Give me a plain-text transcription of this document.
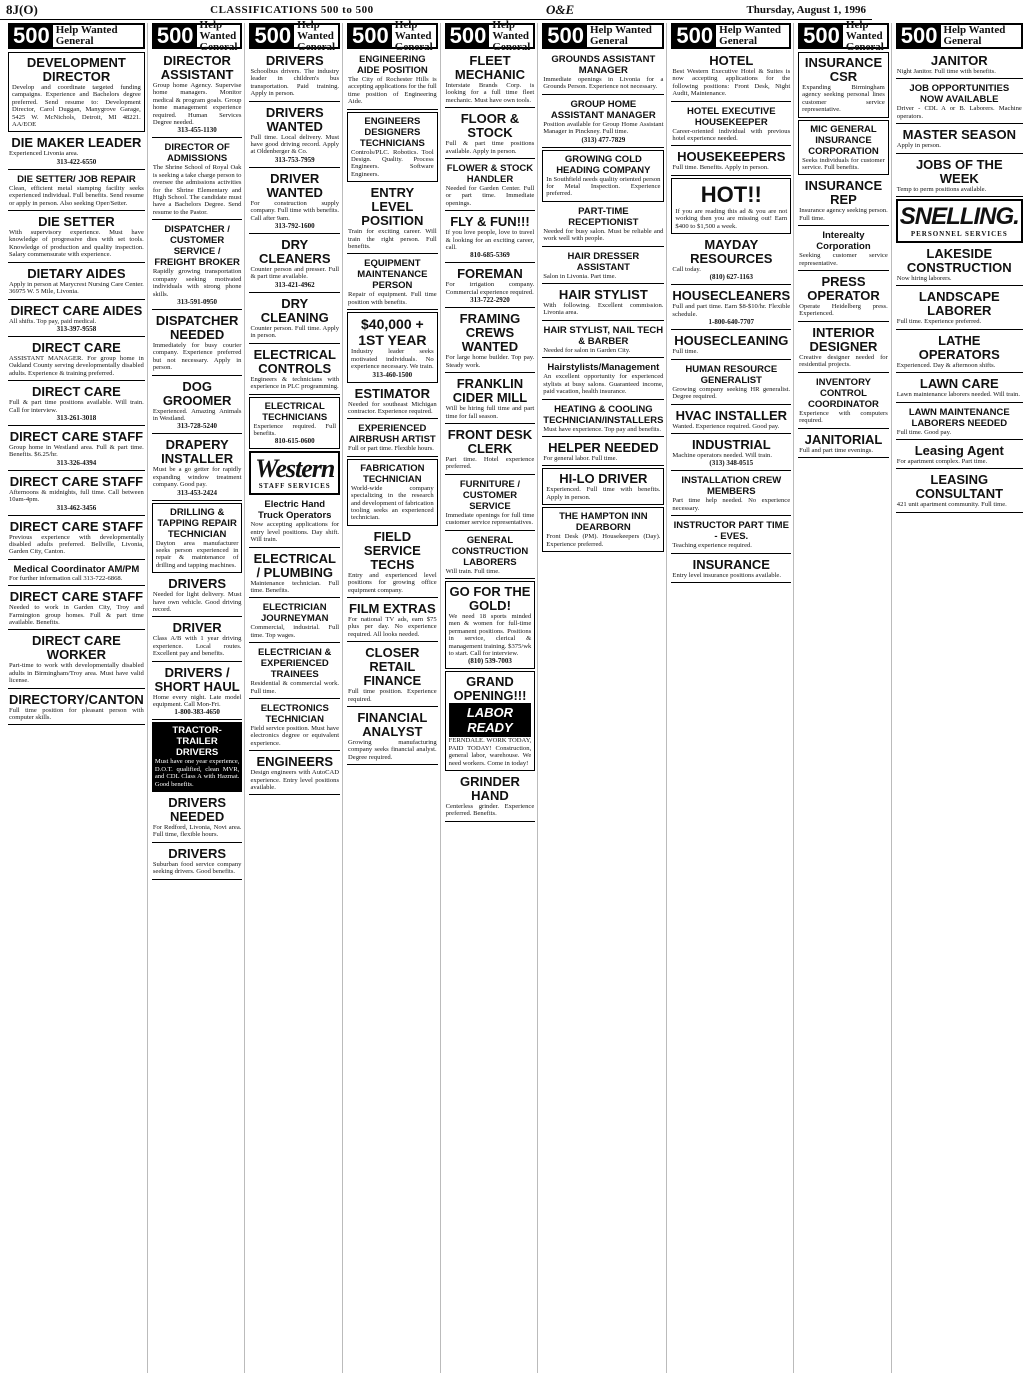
8J(O)	CLASSIFICATIONS 500 to 500	O&E	Thursday, August 1, 1996
500 Help Wanted
General
DEVELOPMENT DIRECTOR
Develop and coordinate targeted funding campaigns. Experience and Bachelors degree preferred. Send resume to: Development Director, Carol Duggan, Manygrove Garage, 5425 W. McNichols, Detroit, MI 48221. AA/EOE
DIE MAKER LEADER
Experienced Livonia area.
313-422-6550
DIE SETTER/ JOB REPAIR
Clean, efficient metal stamping facility seeks experienced individual. Full benefits. Send resume or apply in person. Also seeking Oper/Setter.
DIE SETTER
With supervisory experience. Must have knowledge of progressive dies with set tools. Knowledge of production and quality inspection. Salary commensurate with experience.
DIETARY AIDES
Apply in person at Marycrest Nursing Care Center. 36975 W. 5 Mile, Livonia.
DIRECT CARE AIDES
All shifts. Top pay, paid medical.
313-397-9558
DIRECT CARE
ASSISTANT MANAGER. For group home in Oakland County serving developmentally disabled adults. Experience & training preferred.
DIRECT CARE
Full & part time positions available. Will train. Call for interview.
313-261-3018
DIRECT CARE STAFF
Group home in Westland area. Full & part time. Benefits. $6.25/hr.
313-326-4394
DIRECT CARE STAFF
Afternoons & midnights, full time. Call between 10am-4pm.
313-462-3456
DIRECT CARE STAFF
Previous experience with developmentally disabled adults preferred. Bellville, Livonia, Garden City, Canton.
Medical Coordinator AM/PM
For further information call 313-722-6868.
DIRECT CARE STAFF
Needed to work in Garden City, Troy and Farmington group homes. Full & part time available. Benefits.
DIRECT CARE WORKER
Part-time to work with developmentally disabled adults in Birmingham/Troy area. Must have valid license.
DIRECTORY/CANTON
Full time position for pleasant person with computer skills.
500 Help Wanted
General
DIRECTOR ASSISTANT
Group home Agency. Supervise home managers. Monitor medical & program goals. Group home management experience required. Human Services Degree needed.
313-455-1130
DIRECTOR OF ADMISSIONS
The Shrine School of Royal Oak is seeking a take charge person to oversee the admissions activities for the Shrine Elementary and High School. The candidate must have a Bachelors Degree. Send resume to the Pastor.
DISPATCHER / CUSTOMER SERVICE / FREIGHT BROKER
Rapidly growing transportation company seeking motivated individuals with strong phone skills.
313-591-0950
DISPATCHER NEEDED
Immediately for busy courier company. Experience preferred but not necessary. Apply in person.
DOG GROOMER
Experienced. Amazing Animals in Westland.
313-728-5240
DRAPERY INSTALLER
Must be a go getter for rapidly expanding window treatment company. Good pay.
313-453-2424
DRILLING & TAPPING REPAIR TECHNICIAN
Dayton area manufacturer seeks person experienced in repair & maintenance of drilling and tapping machines.
DRIVERS
Needed for light delivery. Must have own vehicle. Good driving record.
DRIVER
Class A/B with 1 year driving experience. Local routes. Excellent pay and benefits.
DRIVERS / SHORT HAUL
Home every night. Late model equipment. Call Mon-Fri.
1-800-383-4650
TRACTOR-TRAILER DRIVERS
Must have one year experience, D.O.T. qualified, clean MVR, and CDL Class A with Hazmat. Good benefits.
DRIVERS NEEDED
For Redford, Livonia, Novi area. Full time, flexible hours.
DRIVERS
Suburban food service company seeking drivers. Good benefits.
500 Help Wanted
General
DRIVERS
Schoolbus drivers. The industry leader in children's bus transportation. Paid training. Apply in person.
DRIVERS WANTED
Full time. Local delivery. Must have good driving record. Apply at Oldenberger & Co.
313-753-7959
DRIVER WANTED
For construction supply company. Full time with benefits. Call after 9am.
313-792-1600
DRY CLEANERS
Counter person and presser. Full & part time available.
313-421-4962
DRY CLEANING
Counter person. Full time. Apply in person.
ELECTRICAL CONTROLS
Engineers & technicians with experience in PLC programming.
ELECTRICAL TECHNICIANS
Experience required. Full benefits.
810-615-0600
Western
STAFF SERVICES
Electric Hand Truck Operators
Now accepting applications for entry level positions. Day shift. Will train.
ELECTRICAL / PLUMBING
Maintenance technician. Full time. Benefits.
ELECTRICIAN JOURNEYMAN
Commercial, industrial. Full time. Top wages.
ELECTRICIAN & EXPERIENCED TRAINEES
Residential & commercial work. Full time.
ELECTRONICS TECHNICIAN
Field service position. Must have electronics degree or equivalent experience.
ENGINEERS
Design engineers with AutoCAD experience. Entry level positions available.
500 Help Wanted
General
ENGINEERING AIDE POSITION
The City of Rochester Hills is accepting applications for the full time position of Engineering Aide.
ENGINEERS DESIGNERS TECHNICIANS
Controls/PLC. Robotics. Tool Design. Quality. Process Engineers. Software Engineers.
ENTRY LEVEL POSITION
Train for exciting career. Will train the right person. Full benefits.
EQUIPMENT MAINTENANCE PERSON
Repair of equipment. Full time position with benefits.
$40,000 + 1ST YEAR
Industry leader seeks motivated individuals. No experience necessary. We train.
313-460-1500
ESTIMATOR
Needed for southeast Michigan contractor. Experience required.
EXPERIENCED AIRBRUSH ARTIST
Full or part time. Flexible hours.
FABRICATION TECHNICIAN
World-wide company specializing in the research and development of fabrication tooling seeks an experienced technician.
FIELD SERVICE TECHS
Entry and experienced level positions for growing office equipment company.
FILM EXTRAS
For national TV ads, earn $75 plus per day. No experience required. All looks needed.
CLOSER RETAIL FINANCE
Full time position. Experience required.
FINANCIAL ANALYST
Growing manufacturing company seeks financial analyst. Degree required.
500 Help Wanted
General
FLEET MECHANIC
Interstate Brands Corp. is looking for a full time fleet mechanic. Must have own tools.
FLOOR & STOCK
Full & part time positions available. Apply in person.
FLOWER & STOCK HANDLER
Needed for Garden Center. Full or part time. Immediate openings.
FLY & FUN!!!
If you love people, love to travel & looking for an exciting career, call.
810-685-5369
FOREMAN
For irrigation company. Commercial experience required.
313-722-2920
FRAMING CREWS WANTED
For large home builder. Top pay. Steady work.
FRANKLIN CIDER MILL
Will be hiring full time and part time for fall season.
FRONT DESK CLERK
Part time. Hotel experience preferred.
FURNITURE / CUSTOMER SERVICE
Immediate openings for full time customer service representatives.
GENERAL CONSTRUCTION LABORERS
Will train. Full time.
GO FOR THE GOLD!
We need 18 sports minded men & women for full-time permanent positions. Positions in service, clerical & management training. $375/wk to start. Call for interview.
(810) 539-7003
GRAND OPENING!!!
LABOR READY
FERNDALE. WORK TODAY, PAID TODAY! Construction, general labor, warehouse. We need workers. Come in today!
GRINDER HAND
Centerless grinder. Experience preferred. Benefits.
500 Help Wanted
General
GROUNDS ASSISTANT MANAGER
Immediate openings in Livonia for a Grounds Person. Experience not necessary.
GROUP HOME ASSISTANT MANAGER
Position available for Group Home Assistant Manager in Pinckney. Full time.
(313) 477-7829
GROWING COLD HEADING COMPANY
In Southfield needs quality oriented person for Metal Inspection. Experience preferred.
PART-TIME RECEPTIONIST
Needed for busy salon. Must be reliable and work well with people.
HAIR DRESSER ASSISTANT
Salon in Livonia. Part time.
HAIR STYLIST
With following. Excellent commission. Livonia area.
HAIR STYLIST, NAIL TECH & BARBER
Needed for salon in Garden City.
Hairstylists/Management
An excellent opportunity for experienced stylists at busy salons. Guaranteed income, paid vacation, health insurance.
HEATING & COOLING TECHNICIAN/INSTALLERS
Must have experience. Top pay and benefits.
HELPER NEEDED
For general labor. Full time.
HI-LO DRIVER
Experienced. Full time with benefits. Apply in person.
THE HAMPTON INN DEARBORN
Front Desk (PM). Housekeepers (Day). Experience preferred.
500 Help Wanted
General
HOTEL
Best Western Executive Hotel & Suites is now accepting applications for the following positions: Front Desk, Night Audit, Maintenance.
HOTEL EXECUTIVE HOUSEKEEPER
Career-oriented individual with previous hotel experience needed.
HOUSEKEEPERS
Full time. Benefits. Apply in person.
HOT!!
If you are reading this ad & you are not working then you are missing out! Earn $400 to $1,500 a week.
MAYDAY RESOURCES
Call today.
(810) 627-1163
HOUSECLEANERS
Full and part time. Earn $8-$10/hr. Flexible schedule.
1-800-640-7707
HOUSECLEANING
Full time.
HUMAN RESOURCE GENERALIST
Growing company seeking HR generalist. Degree required.
HVAC INSTALLER
Wanted. Experience required. Good pay.
INDUSTRIAL
Machine operators needed. Will train.
(313) 348-0515
INSTALLATION CREW MEMBERS
Part time help needed. No experience necessary.
INSTRUCTOR PART TIME - EVES.
Teaching experience required.
INSURANCE
Entry level insurance positions available.
500 Help Wanted
General
INSURANCE CSR
Expanding Birmingham agency seeking personal lines customer service representative.
MIC GENERAL INSURANCE CORPORATION
Seeks individuals for customer service. Full benefits.
INSURANCE REP
Insurance agency seeking person. Full time.
Interealty Corporation
Seeking customer service representative.
PRESS OPERATOR
Operate Heidelberg press. Experienced.
INTERIOR DESIGNER
Creative designer needed for residential projects.
INVENTORY CONTROL COORDINATOR
Experience with computers required.
JANITORIAL
Full and part time evenings.
500 Help Wanted
General
JANITOR
Night Janitor. Full time with benefits.
JOB OPPORTUNITIES NOW AVAILABLE
Driver - CDL A or B. Laborers. Machine operators.
MASTER SEASON
Apply in person.
JOBS OF THE WEEK
Temp to perm positions available.
SNELLING.
PERSONNEL SERVICES
LAKESIDE CONSTRUCTION
Now hiring laborers.
LANDSCAPE LABORER
Full time. Experience preferred.
LATHE OPERATORS
Experienced. Day & afternoon shifts.
LAWN CARE
Lawn maintenance laborers needed. Will train.
LAWN MAINTENANCE LABORERS NEEDED
Full time. Good pay.
Leasing Agent
For apartment complex. Part time.
LEASING CONSULTANT
421 unit apartment community. Full time.
